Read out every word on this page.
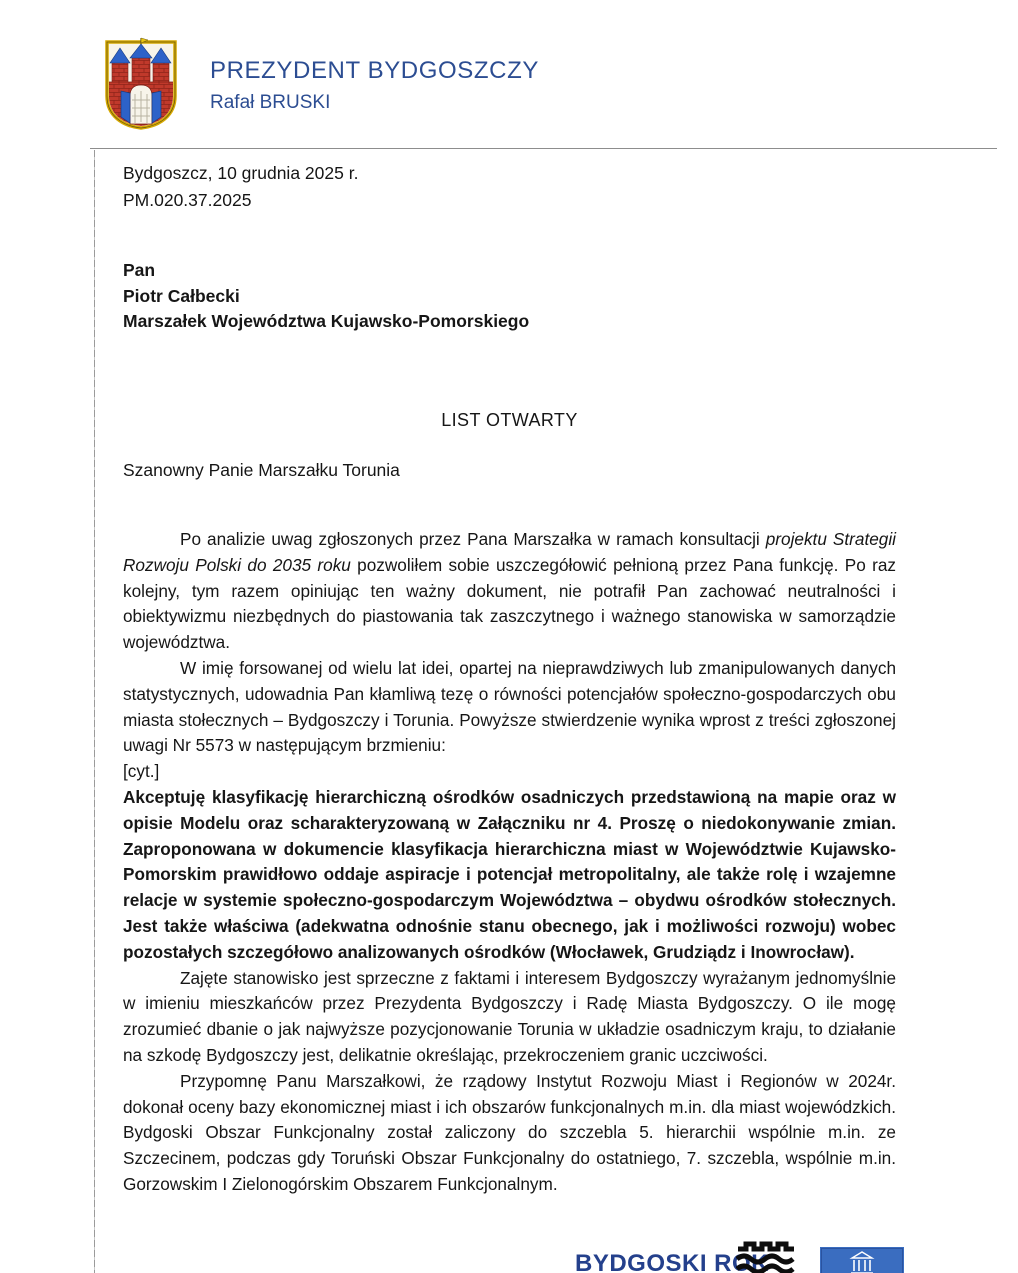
PREZYDENT BYDGOSZCZY
Rafał BRUSKI
Bydgoszcz, 10 grudnia 2025 r.
PM.020.37.2025
Pan
Piotr Całbecki
Marszałek Województwa Kujawsko-Pomorskiego
LIST OTWARTY
Szanowny Panie Marszałku Torunia

Po analizie uwag zgłoszonych przez Pana Marszałka w ramach konsultacji projektu Strategii Rozwoju Polski do 2035 roku pozwoliłem sobie uszczegółowić pełnioną przez Pana funkcję. Po raz kolejny, tym razem opiniując ten ważny dokument, nie potrafił Pan zachować neutralności i obiektywizmu niezbędnych do piastowania tak zaszczytnego i ważnego stanowiska w samorządzie województwa.

W imię forsowanej od wielu lat idei, opartej na nieprawdziwych lub zmanipulowanych danych statystycznych, udowadnia Pan kłamliwą tezę o równości potencjałów społeczno-gospodarczych obu miasta stołecznych – Bydgoszczy i Torunia. Powyższe stwierdzenie wynika wprost z treści zgłoszonej uwagi Nr 5573 w następującym brzmieniu:

[cyt.]

Akceptuję klasyfikację hierarchiczną ośrodków osadniczych przedstawioną na mapie oraz w opisie Modelu oraz scharakteryzowaną w Załączniku nr 4. Proszę o niedokonywanie zmian. Zaproponowana w dokumencie klasyfikacja hierarchiczna miast w Województwie Kujawsko-Pomorskim prawidłowo oddaje aspiracje i potencjał metropolitalny, ale także rolę i wzajemne relacje w systemie społeczno-gospodarczym Województwa – obydwu ośrodków stołecznych. Jest także właściwa (adekwatna odnośnie stanu obecnego, jak i możliwości rozwoju) wobec pozostałych szczegółowo analizowanych ośrodków (Włocławek, Grudziądz i Inowrocław).

Zajęte stanowisko jest sprzeczne z faktami i interesem Bydgoszczy wyrażanym jednomyślnie w imieniu mieszkańców przez Prezydenta Bydgoszczy i Radę Miasta Bydgoszczy. O ile mogę zrozumieć dbanie o jak najwyższe pozycjonowanie Torunia w układzie osadniczym kraju, to działanie na szkodę Bydgoszczy jest, delikatnie określając, przekroczeniem granic uczciwości.

Przypomnę Panu Marszałkowi, że rządowy Instytut Rozwoju Miast i Regionów w 2024r. dokonał oceny bazy ekonomicznej miast i ich obszarów funkcjonalnych m.in. dla miast wojewódzkich. Bydgoski Obszar Funkcjonalny został zaliczony do szczebla 5. hierarchii wspólnie m.in. ze Szczecinem, podczas gdy Toruński Obszar Funkcjonalny do ostatniego, 7. szczebla, wspólnie m.in. Gorzowskim I Zielonogórskim Obszarem Funkcjonalnym.

BYDGOSKI ROK
